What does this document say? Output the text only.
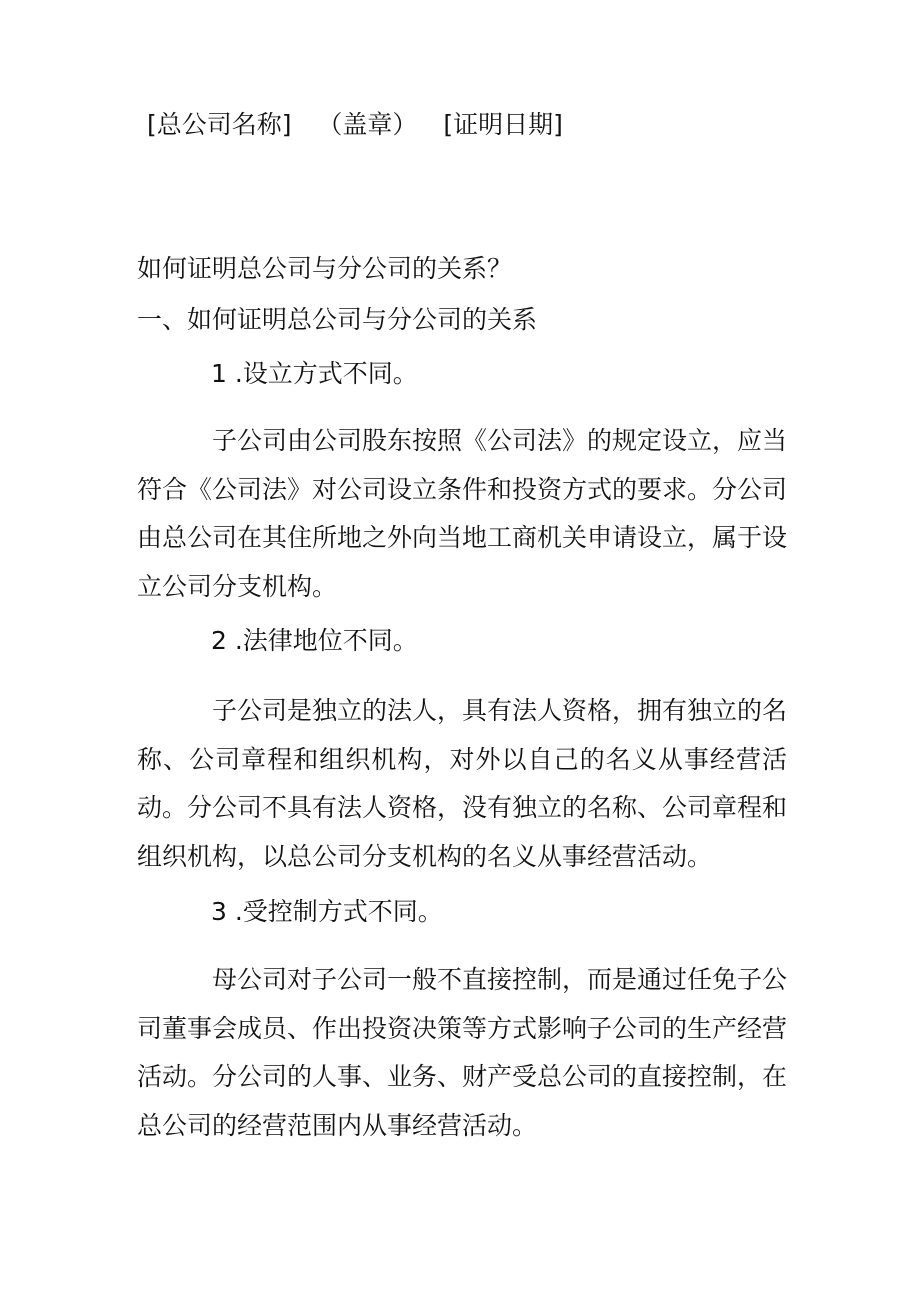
[总公司名称] （盖章） [证明日期]
如何证明总公司与分公司的关系？
一、如何证明总公司与分公司的关系
1 .设立方式不同。

子公司由公司股东按照《公司法》的规定设立，应当符合《公司法》对公司设立条件和投资方式的要求。分公司由总公司在其住所地之外向当地工商机关申请设立，属于设立公司分支机构。

2 .法律地位不同。

子公司是独立的法人，具有法人资格，拥有独立的名称、公司章程和组织机构，对外以自己的名义从事经营活动。分公司不具有法人资格，没有独立的名称、公司章程和组织机构，以总公司分支机构的名义从事经营活动。

3 .受控制方式不同。

母公司对子公司一般不直接控制，而是通过任免子公司董事会成员、作出投资决策等方式影响子公司的生产经营活动。分公司的人事、业务、财产受总公司的直接控制，在总公司的经营范围内从事经营活动。
